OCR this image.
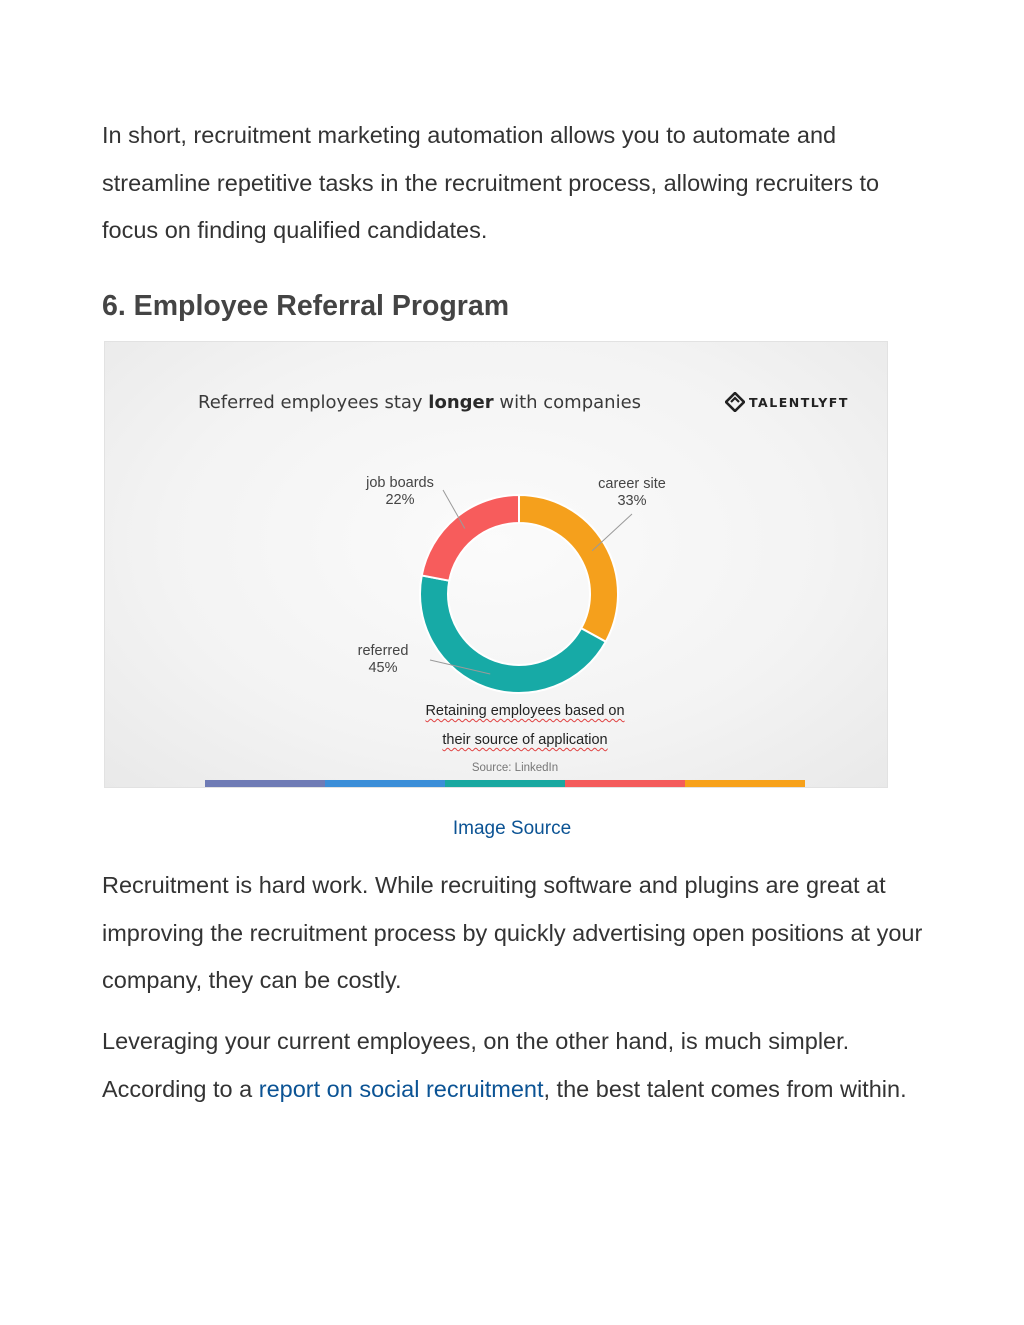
In short, recruitment marketing automation allows you to automate and streamline repetitive tasks in the recruitment process, allowing recruiters to focus on finding qualified candidates.

6. Employee Referral Program
Referred employees stay longer with companies	TALENTLYFT
job boards
22%
career site
33%
referred
45%
Retaining employees based on
their source of application
Source: LinkedIn
Image Source

Recruitment is hard work. While recruiting software and plugins are great at improving the recruitment process by quickly advertising open positions at your company, they can be costly.

Leveraging your current employees, on the other hand, is much simpler. According to a report on social recruitment, the best talent comes from within.
